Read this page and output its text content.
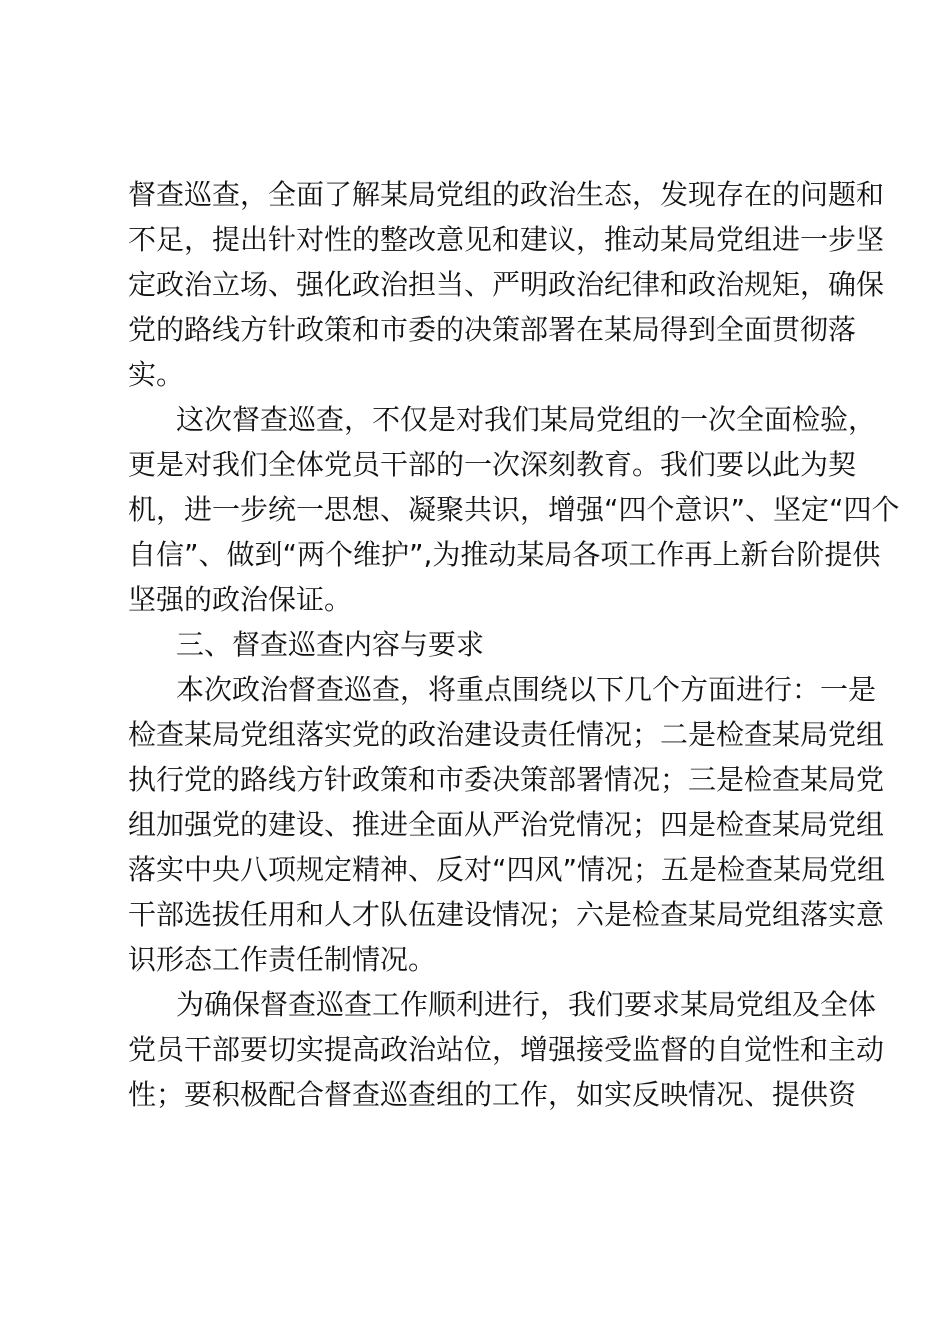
督查巡查，全面了解某局党组的政治生态，发现存在的问题和

不足，提出针对性的整改意见和建议，推动某局党组进一步坚

定政治立场、强化政治担当、严明政治纪律和政治规矩，确保

党的路线方针政策和市委的决策部署在某局得到全面贯彻落

实。

这次督查巡查，不仅是对我们某局党组的一次全面检验，

更是对我们全体党员干部的一次深刻教育。我们要以此为契

机，进一步统一思想、凝聚共识，增强“四个意识”、坚定“四个

自信”、做到“两个维护”,为推动某局各项工作再上新台阶提供

坚强的政治保证。

三、督查巡查内容与要求

本次政治督查巡查，将重点围绕以下几个方面进行：一是

检查某局党组落实党的政治建设责任情况；二是检查某局党组

执行党的路线方针政策和市委决策部署情况；三是检查某局党

组加强党的建设、推进全面从严治党情况；四是检查某局党组

落实中央八项规定精神、反对“四风”情况；五是检查某局党组

干部选拔任用和人才队伍建设情况；六是检查某局党组落实意

识形态工作责任制情况。

为确保督查巡查工作顺利进行，我们要求某局党组及全体

党员干部要切实提高政治站位，增强接受监督的自觉性和主动

性；要积极配合督查巡查组的工作，如实反映情况、提供资
